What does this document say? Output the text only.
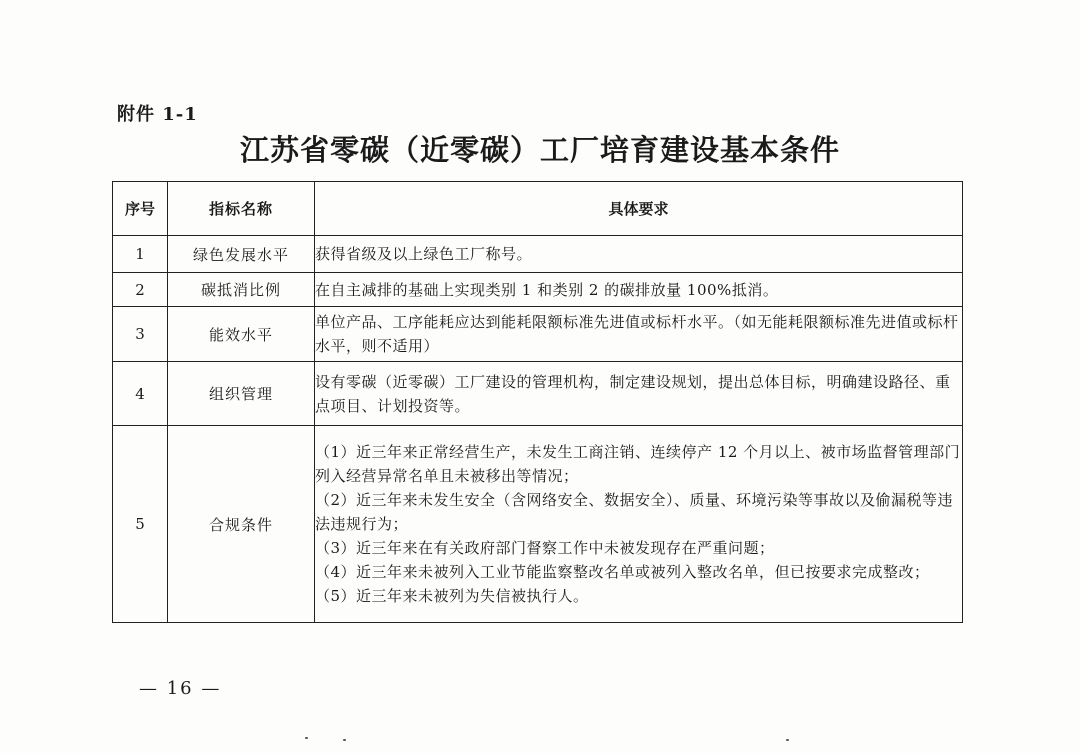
附件 1-1
江苏省零碳（近零碳）工厂培育建设基本条件
序号	指标名称	具体要求
1	绿色发展水平	获得省级及以上绿色工厂称号。

2	碳抵消比例	在自主减排的基础上实现类别 1 和类别 2 的碳排放量 100%抵消。

3	能效水平	单位产品、工序能耗应达到能耗限额标准先进值或标杆水平。（如无能耗限额标准先进值或标杆水平，则不适用）

4	组织管理	设有零碳（近零碳）工厂建设的管理机构，制定建设规划，提出总体目标，明确建设路径、重点项目、计划投资等。

5	合规条件	（1）近三年来正常经营生产，未发生工商注销、连续停产 12 个月以上、被市场监督管理部门列入经营异常名单且未被移出等情况；
（2）近三年来未发生安全（含网络安全、数据安全）、质量、环境污染等事故以及偷漏税等违法违规行为；
（3）近三年来在有关政府部门督察工作中未被发现存在严重问题；
（4）近三年来未被列入工业节能监察整改名单或被列入整改名单，但已按要求完成整改；
（5）近三年来未被列为失信被执行人。
— 16 —
